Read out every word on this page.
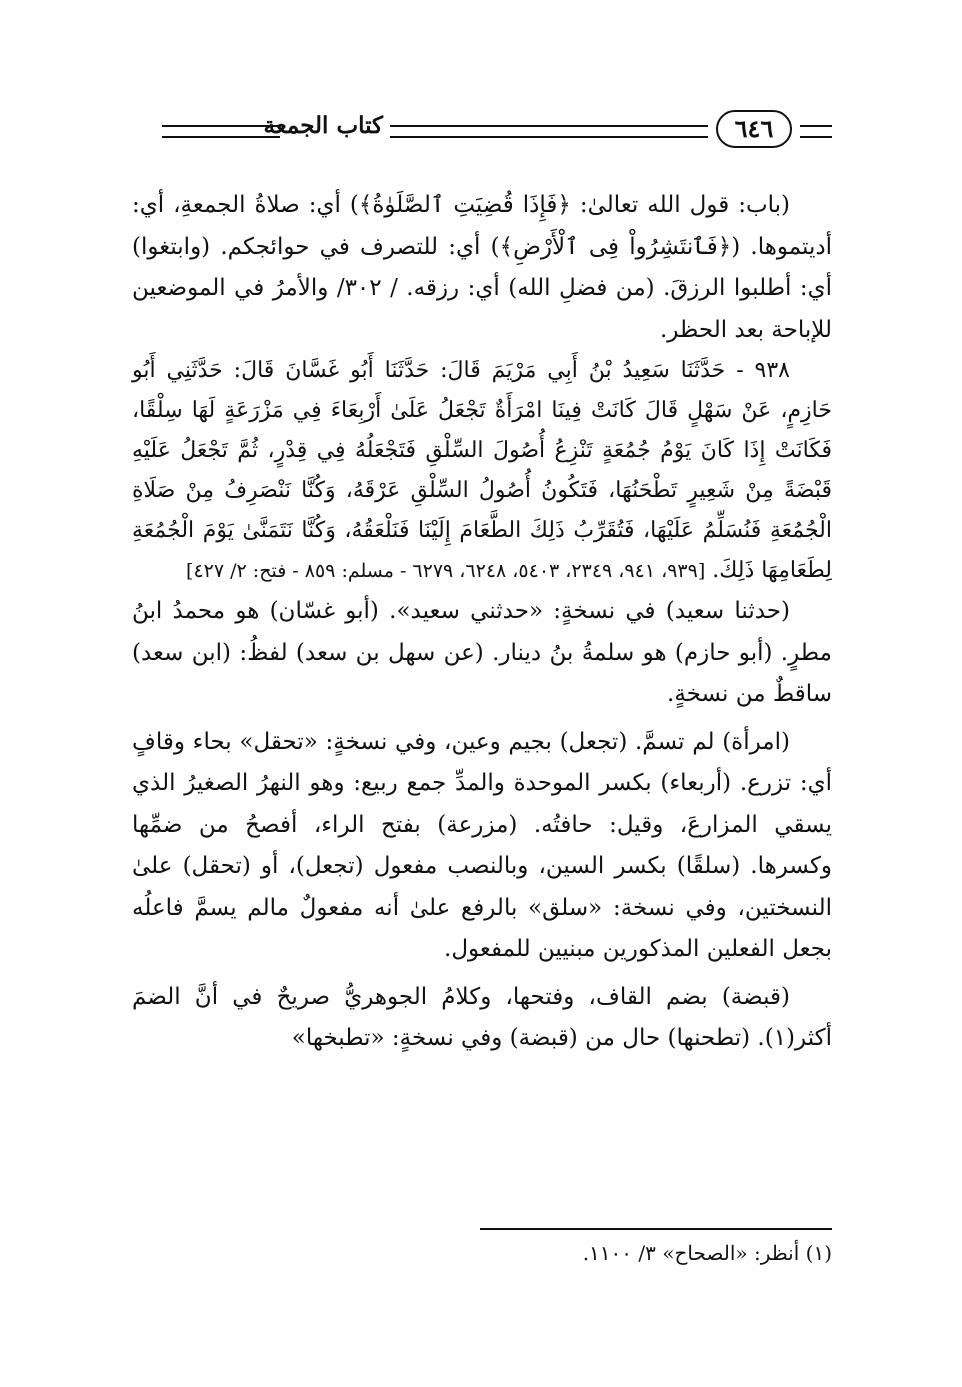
كتاب الجمعة	٦٤٦

(باب: قول الله تعالىٰ: ﴿فَإِذَا قُضِيَتِ ٱلصَّلَوٰةُ﴾) أي: صلاةُ الجمعةِ، أي: أديتموها. (﴿فَٱنتَشِرُواْ فِى ٱلْأَرْضِ﴾) أي: للتصرف في حوائجكم. (وابتغوا) أي: أطلبوا الرزقَ. (من فضلِ الله) أي: رزقه. / ٣٠٢/ والأمرُ في الموضعين للإباحة بعد الحظر.

٩٣٨ - حَدَّثَنَا سَعِيدُ بْنُ أَبِي مَرْيَمَ قَالَ: حَدَّثَنَا أَبُو غَسَّانَ قَالَ: حَدَّثَنِي أَبُو حَازِمٍ، عَنْ سَهْلٍ قَالَ كَانَتْ فِينَا امْرَأَةٌ تَجْعَلُ عَلَىٰ أَرْبِعَاءَ فِي مَزْرَعَةٍ لَهَا سِلْقًا، فَكَانَتْ إِذَا كَانَ يَوْمُ جُمُعَةٍ تَنْزِعُ أُصُولَ السِّلْقِ فَتَجْعَلُهُ فِي قِدْرٍ، ثُمَّ تَجْعَلُ عَلَيْهِ قَبْضَةً مِنْ شَعِيرٍ تَطْحَنُهَا، فَتَكُونُ أُصُولُ السِّلْقِ عَرْقَهُ، وَكُنَّا نَنْصَرِفُ مِنْ صَلَاةِ الْجُمُعَةِ فَنُسَلِّمُ عَلَيْهَا، فَتُقَرِّبُ ذَلِكَ الطَّعَامَ إِلَيْنَا فَنَلْعَقُهُ، وَكُنَّا نَتَمَنَّىٰ يَوْمَ الْجُمُعَةِ لِطَعَامِهَا ذَلِكَ. [٩٣٩، ٩٤١، ٢٣٤٩، ٥٤٠٣، ٦٢٤٨، ٦٢٧٩ - مسلم: ٨٥٩ - فتح: ٢/ ٤٢٧]

(حدثنا سعيد) في نسخةٍ: «حدثني سعيد». (أبو غسّان) هو محمدُ ابنُ مطرٍ. (أبو حازم) هو سلمةُ بنُ دينار. (عن سهل بن سعد) لفظُ: (ابن سعد) ساقطٌ من نسخةٍ.

(امرأة) لم تسمَّ. (تجعل) بجيم وعين، وفي نسخةٍ: «تحقل» بحاء وقافٍ أي: تزرع. (أربعاء) بكسر الموحدة والمدِّ جمع ربيع: وهو النهرُ الصغيرُ الذي يسقي المزارعَ، وقيل: حافتُه. (مزرعة) بفتح الراء، أفصحُ من ضمِّها وكسرها. (سلقًا) بكسر السين، وبالنصب مفعول (تجعل)، أو (تحقل) علىٰ النسختين، وفي نسخة: «سلق» بالرفع علىٰ أنه مفعولٌ مالم يسمَّ فاعلُه بجعل الفعلين المذكورين مبنيين للمفعول.

(قبضة) بضم القاف، وفتحها، وكلامُ الجوهريُّ صريحٌ في أنَّ الضمَ أكثر(١). (تطحنها) حال من (قبضة) وفي نسخةٍ: «تطبخها»

(١) أنظر: «الصحاح» ٣/ ١١٠٠.
